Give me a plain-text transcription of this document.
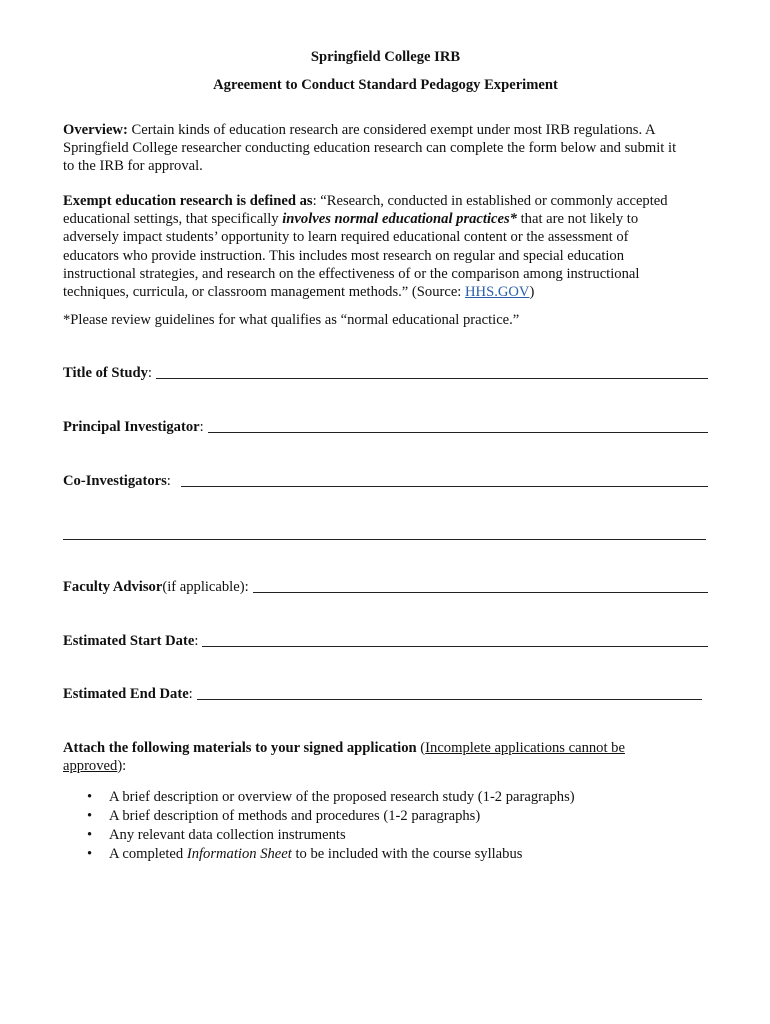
Springfield College IRB
Agreement to Conduct Standard Pedagogy Experiment
Overview: Certain kinds of education research are considered exempt under most IRB regulations. A
Springfield College researcher conducting education research can complete the form below and submit it
to the IRB for approval.
Exempt education research is defined as: “Research, conducted in established or commonly accepted
educational settings, that specifically involves normal educational practices* that are not likely to
adversely impact students’ opportunity to learn required educational content or the assessment of
educators who provide instruction. This includes most research on regular and special education
instructional strategies, and research on the effectiveness of or the comparison among instructional
techniques, curricula, or classroom management methods.” (Source: HHS.GOV)
*Please review guidelines for what qualifies as “normal educational practice.”
Title of Study :
Principal Investigator :
Co-Investigators :
Faculty Advisor (if applicable):
Estimated Start Date :
Estimated End Date :
Attach the following materials to your signed application (Incomplete applications cannot be
approved):
• A brief description or overview of the proposed research study (1-2 paragraphs)
• A brief description of methods and procedures (1-2 paragraphs)
• Any relevant data collection instruments
• A completed Information Sheet to be included with the course syllabus
